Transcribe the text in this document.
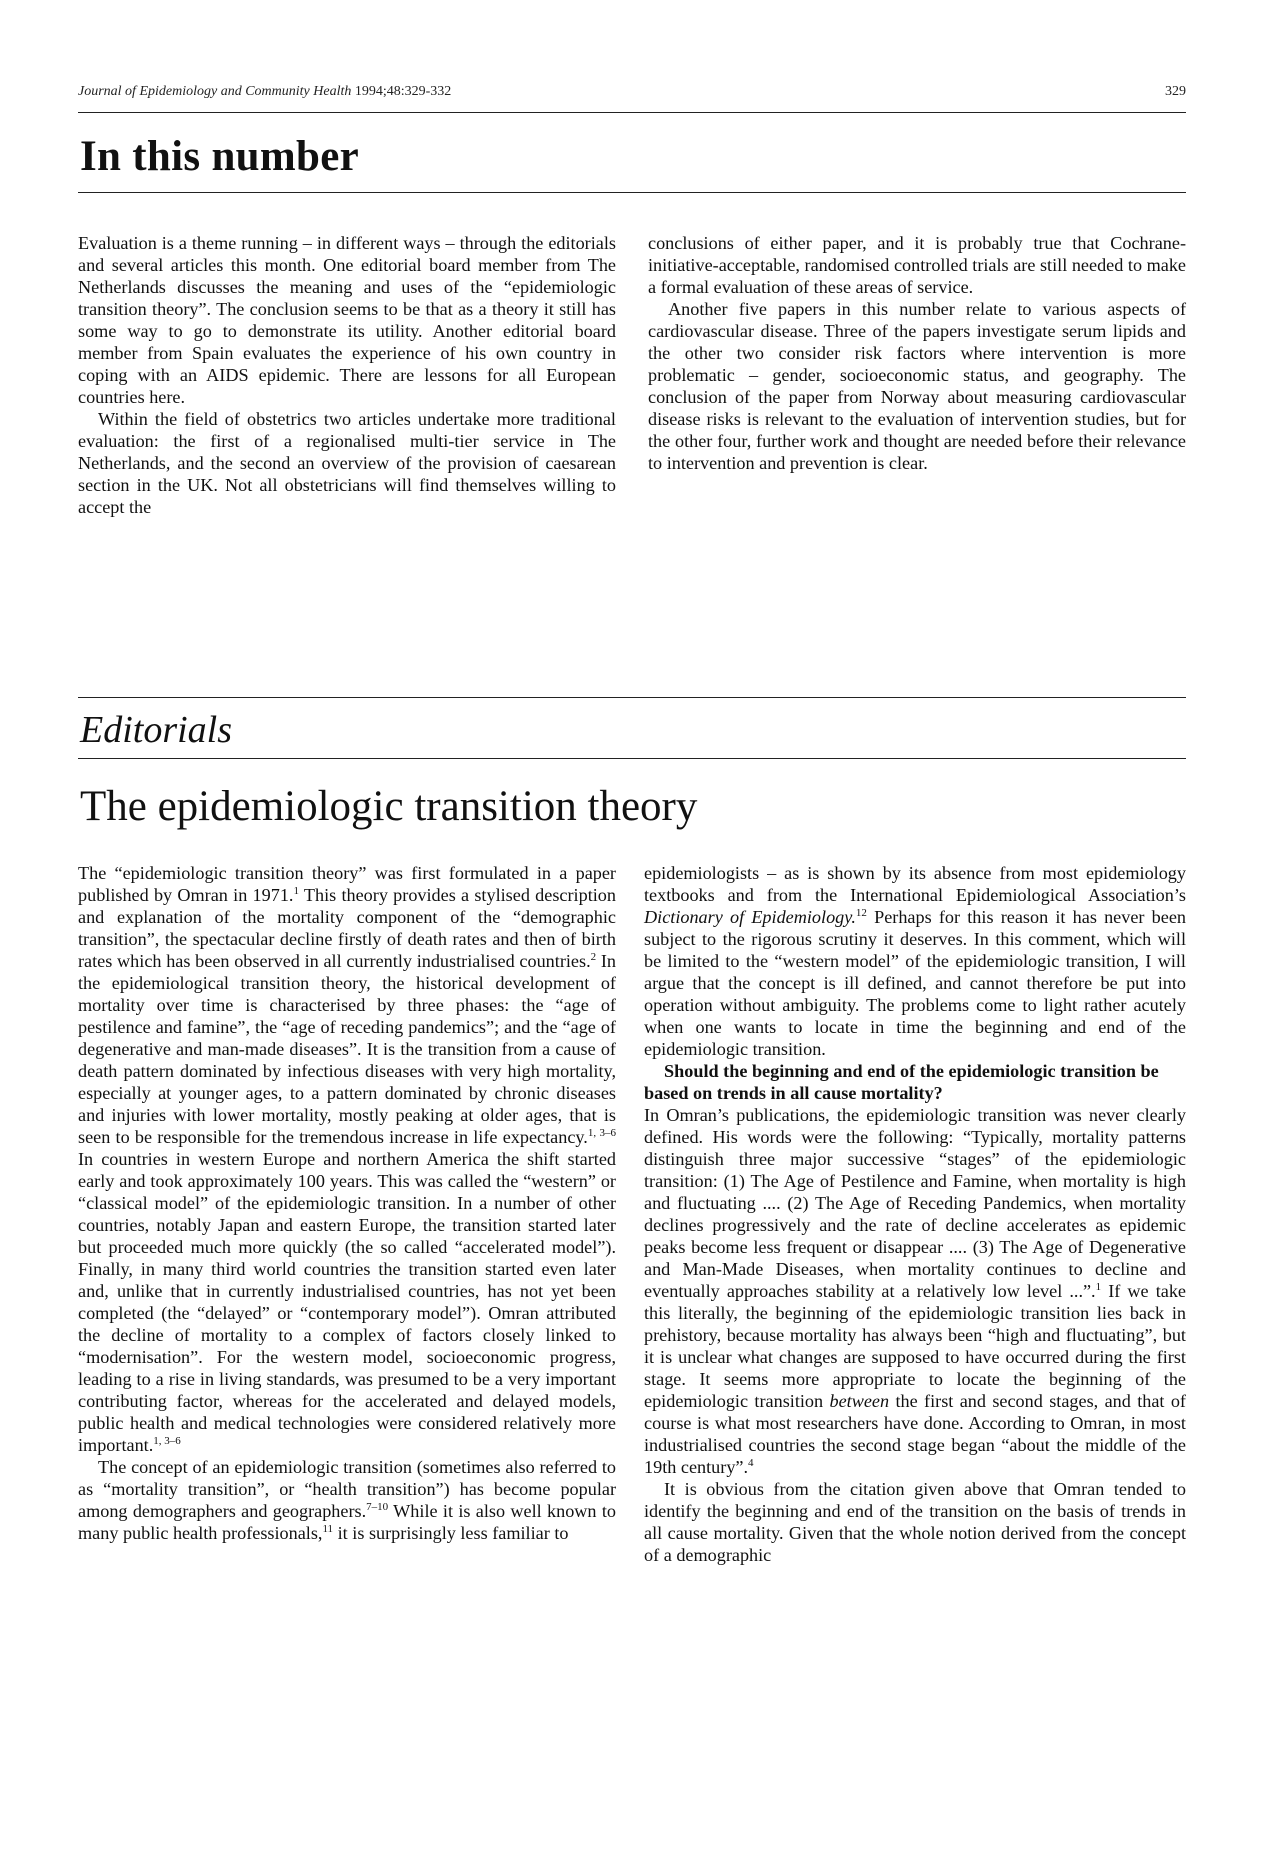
Journal of Epidemiology and Community Health 1994;48:329-332	329
In this number

Evaluation is a theme running – in different ways – through the editorials and several articles this month. One editorial board member from The Netherlands discusses the meaning and uses of the “epidemiologic transition theory”. The conclusion seems to be that as a theory it still has some way to go to demonstrate its utility. Another editorial board member from Spain evaluates the experience of his own country in coping with an AIDS epidemic. There are lessons for all European countries here.

Within the field of obstetrics two articles undertake more traditional evaluation: the first of a regionalised multi-tier service in The Netherlands, and the second an overview of the provision of caesarean section in the UK. Not all obstetricians will find themselves willing to accept the

conclusions of either paper, and it is probably true that Cochrane-initiative-acceptable, randomised controlled trials are still needed to make a formal evaluation of these areas of service.

Another five papers in this number relate to various aspects of cardiovascular disease. Three of the papers investigate serum lipids and the other two consider risk factors where intervention is more problematic – gender, socioeconomic status, and geography. The conclusion of the paper from Norway about measuring cardiovascular disease risks is relevant to the evaluation of intervention studies, but for the other four, further work and thought are needed before their relevance to intervention and prevention is clear.

Editorials
The epidemiologic transition theory

The “epidemiologic transition theory” was first formulated in a paper published by Omran in 1971.$^1$ This theory provides a stylised description and explanation of the mortality component of the “demographic transition”, the spectacular decline firstly of death rates and then of birth rates which has been observed in all currently industrialised countries.$^2$ In the epidemiological transition theory, the historical development of mortality over time is characterised by three phases: the “age of pestilence and famine”, the “age of receding pandemics”; and the “age of degenerative and man-made diseases”. It is the transition from a cause of death pattern dominated by infectious diseases with very high mortality, especially at younger ages, to a pattern dominated by chronic diseases and injuries with lower mortality, mostly peaking at older ages, that is seen to be responsible for the tremendous increase in life expectancy.$^{1, 3-6}$ In countries in western Europe and northern America the shift started early and took approximately 100 years. This was called the “western” or “classical model” of the epidemiologic transition. In a number of other countries, notably Japan and eastern Europe, the transition started later but proceeded much more quickly (the so called “accelerated model”). Finally, in many third world countries the transition started even later and, unlike that in currently industrialised countries, has not yet been completed (the “delayed” or “contemporary model”). Omran attributed the decline of mortality to a complex of factors closely linked to “modernisation”. For the western model, socioeconomic progress, leading to a rise in living standards, was presumed to be a very important contributing factor, whereas for the accelerated and delayed models, public health and medical technologies were considered relatively more important.$^{1, 3-6}$

The concept of an epidemiologic transition (sometimes also referred to as “mortality transition”, or “health transition”) has become popular among demographers and geographers.$^{7-10}$ While it is also well known to many public health professionals,$^{11}$ it is surprisingly less familiar to

epidemiologists – as is shown by its absence from most epidemiology textbooks and from the International Epidemiological Association’s Dictionary of Epidemiology.$^{12}$ Perhaps for this reason it has never been subject to the rigorous scrutiny it deserves. In this comment, which will be limited to the “western model” of the epidemiologic transition, I will argue that the concept is ill defined, and cannot therefore be put into operation without ambiguity. The problems come to light rather acutely when one wants to locate in time the beginning and end of the epidemiologic transition.

Should the beginning and end of the epidemiologic transition be based on trends in all cause mortality?

In Omran’s publications, the epidemiologic transition was never clearly defined. His words were the following: “Typically, mortality patterns distinguish three major successive “stages” of the epidemiologic transition: (1) The Age of Pestilence and Famine, when mortality is high and fluctuating .... (2) The Age of Receding Pandemics, when mortality declines progressively and the rate of decline accelerates as epidemic peaks become less frequent or disappear .... (3) The Age of Degenerative and Man-Made Diseases, when mortality continues to decline and eventually approaches stability at a relatively low level ...”.$^1$ If we take this literally, the beginning of the epidemiologic transition lies back in prehistory, because mortality has always been “high and fluctuating”, but it is unclear what changes are supposed to have occurred during the first stage. It seems more appropriate to locate the beginning of the epidemiologic transition between the first and second stages, and that of course is what most researchers have done. According to Omran, in most industrialised countries the second stage began “about the middle of the 19th century”.$^4$

It is obvious from the citation given above that Omran tended to identify the beginning and end of the transition on the basis of trends in all cause mortality. Given that the whole notion derived from the concept of a demographic
